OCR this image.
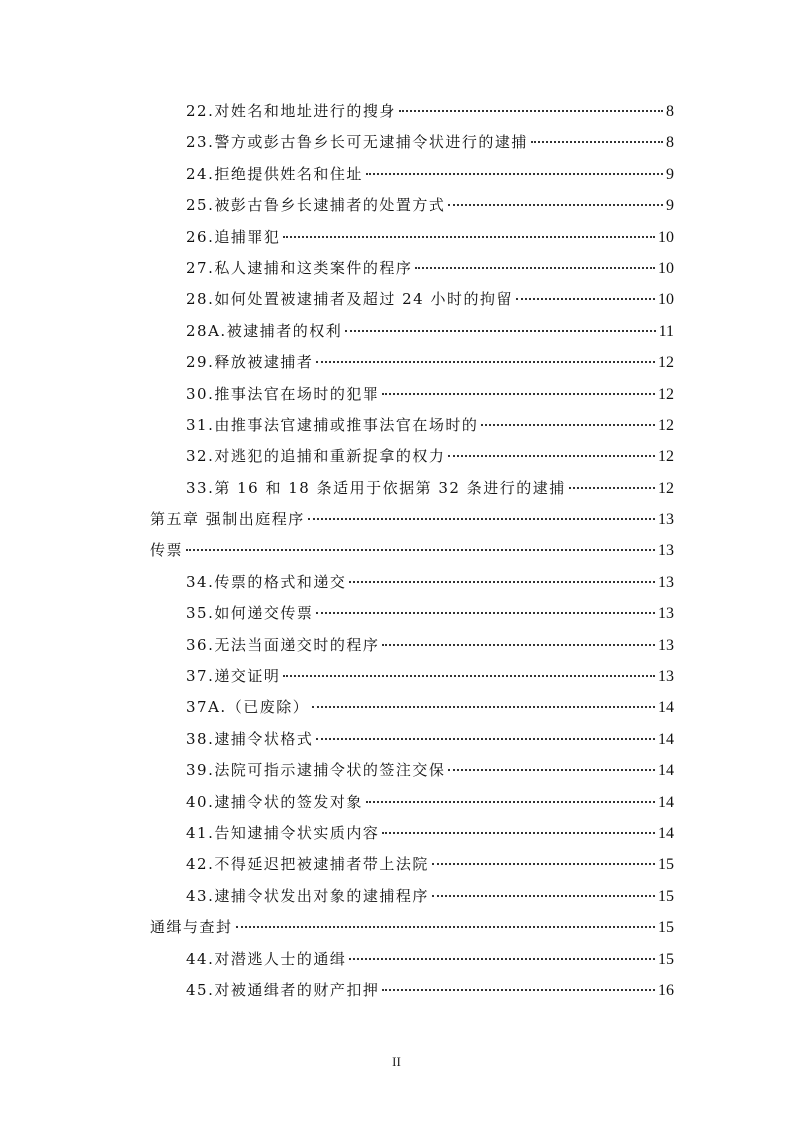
22.对姓名和地址进行的搜身	8
23.警方或彭古鲁乡长可无逮捕令状进行的逮捕	8
24.拒绝提供姓名和住址	9
25.被彭古鲁乡长逮捕者的处置方式	9
26.追捕罪犯	10
27.私人逮捕和这类案件的程序	10
28.如何处置被逮捕者及超过 24 小时的拘留	10
28A.被逮捕者的权利	11
29.释放被逮捕者	12
30.推事法官在场时的犯罪	12
31.由推事法官逮捕或推事法官在场时的	12
32.对逃犯的追捕和重新捉拿的权力	12
33.第 16 和 18 条适用于依据第 32 条进行的逮捕	12
第五章 强制出庭程序	13
传票	13
34.传票的格式和递交	13
35.如何递交传票	13
36.无法当面递交时的程序	13
37.递交证明	13
37A.（已废除）	14
38.逮捕令状格式	14
39.法院可指示逮捕令状的签注交保	14
40.逮捕令状的签发对象	14
41.告知逮捕令状实质内容	14
42.不得延迟把被逮捕者带上法院	15
43.逮捕令状发出对象的逮捕程序	15
通缉与查封	15
44.对潜逃人士的通缉	15
45.对被通缉者的财产扣押	16
II
